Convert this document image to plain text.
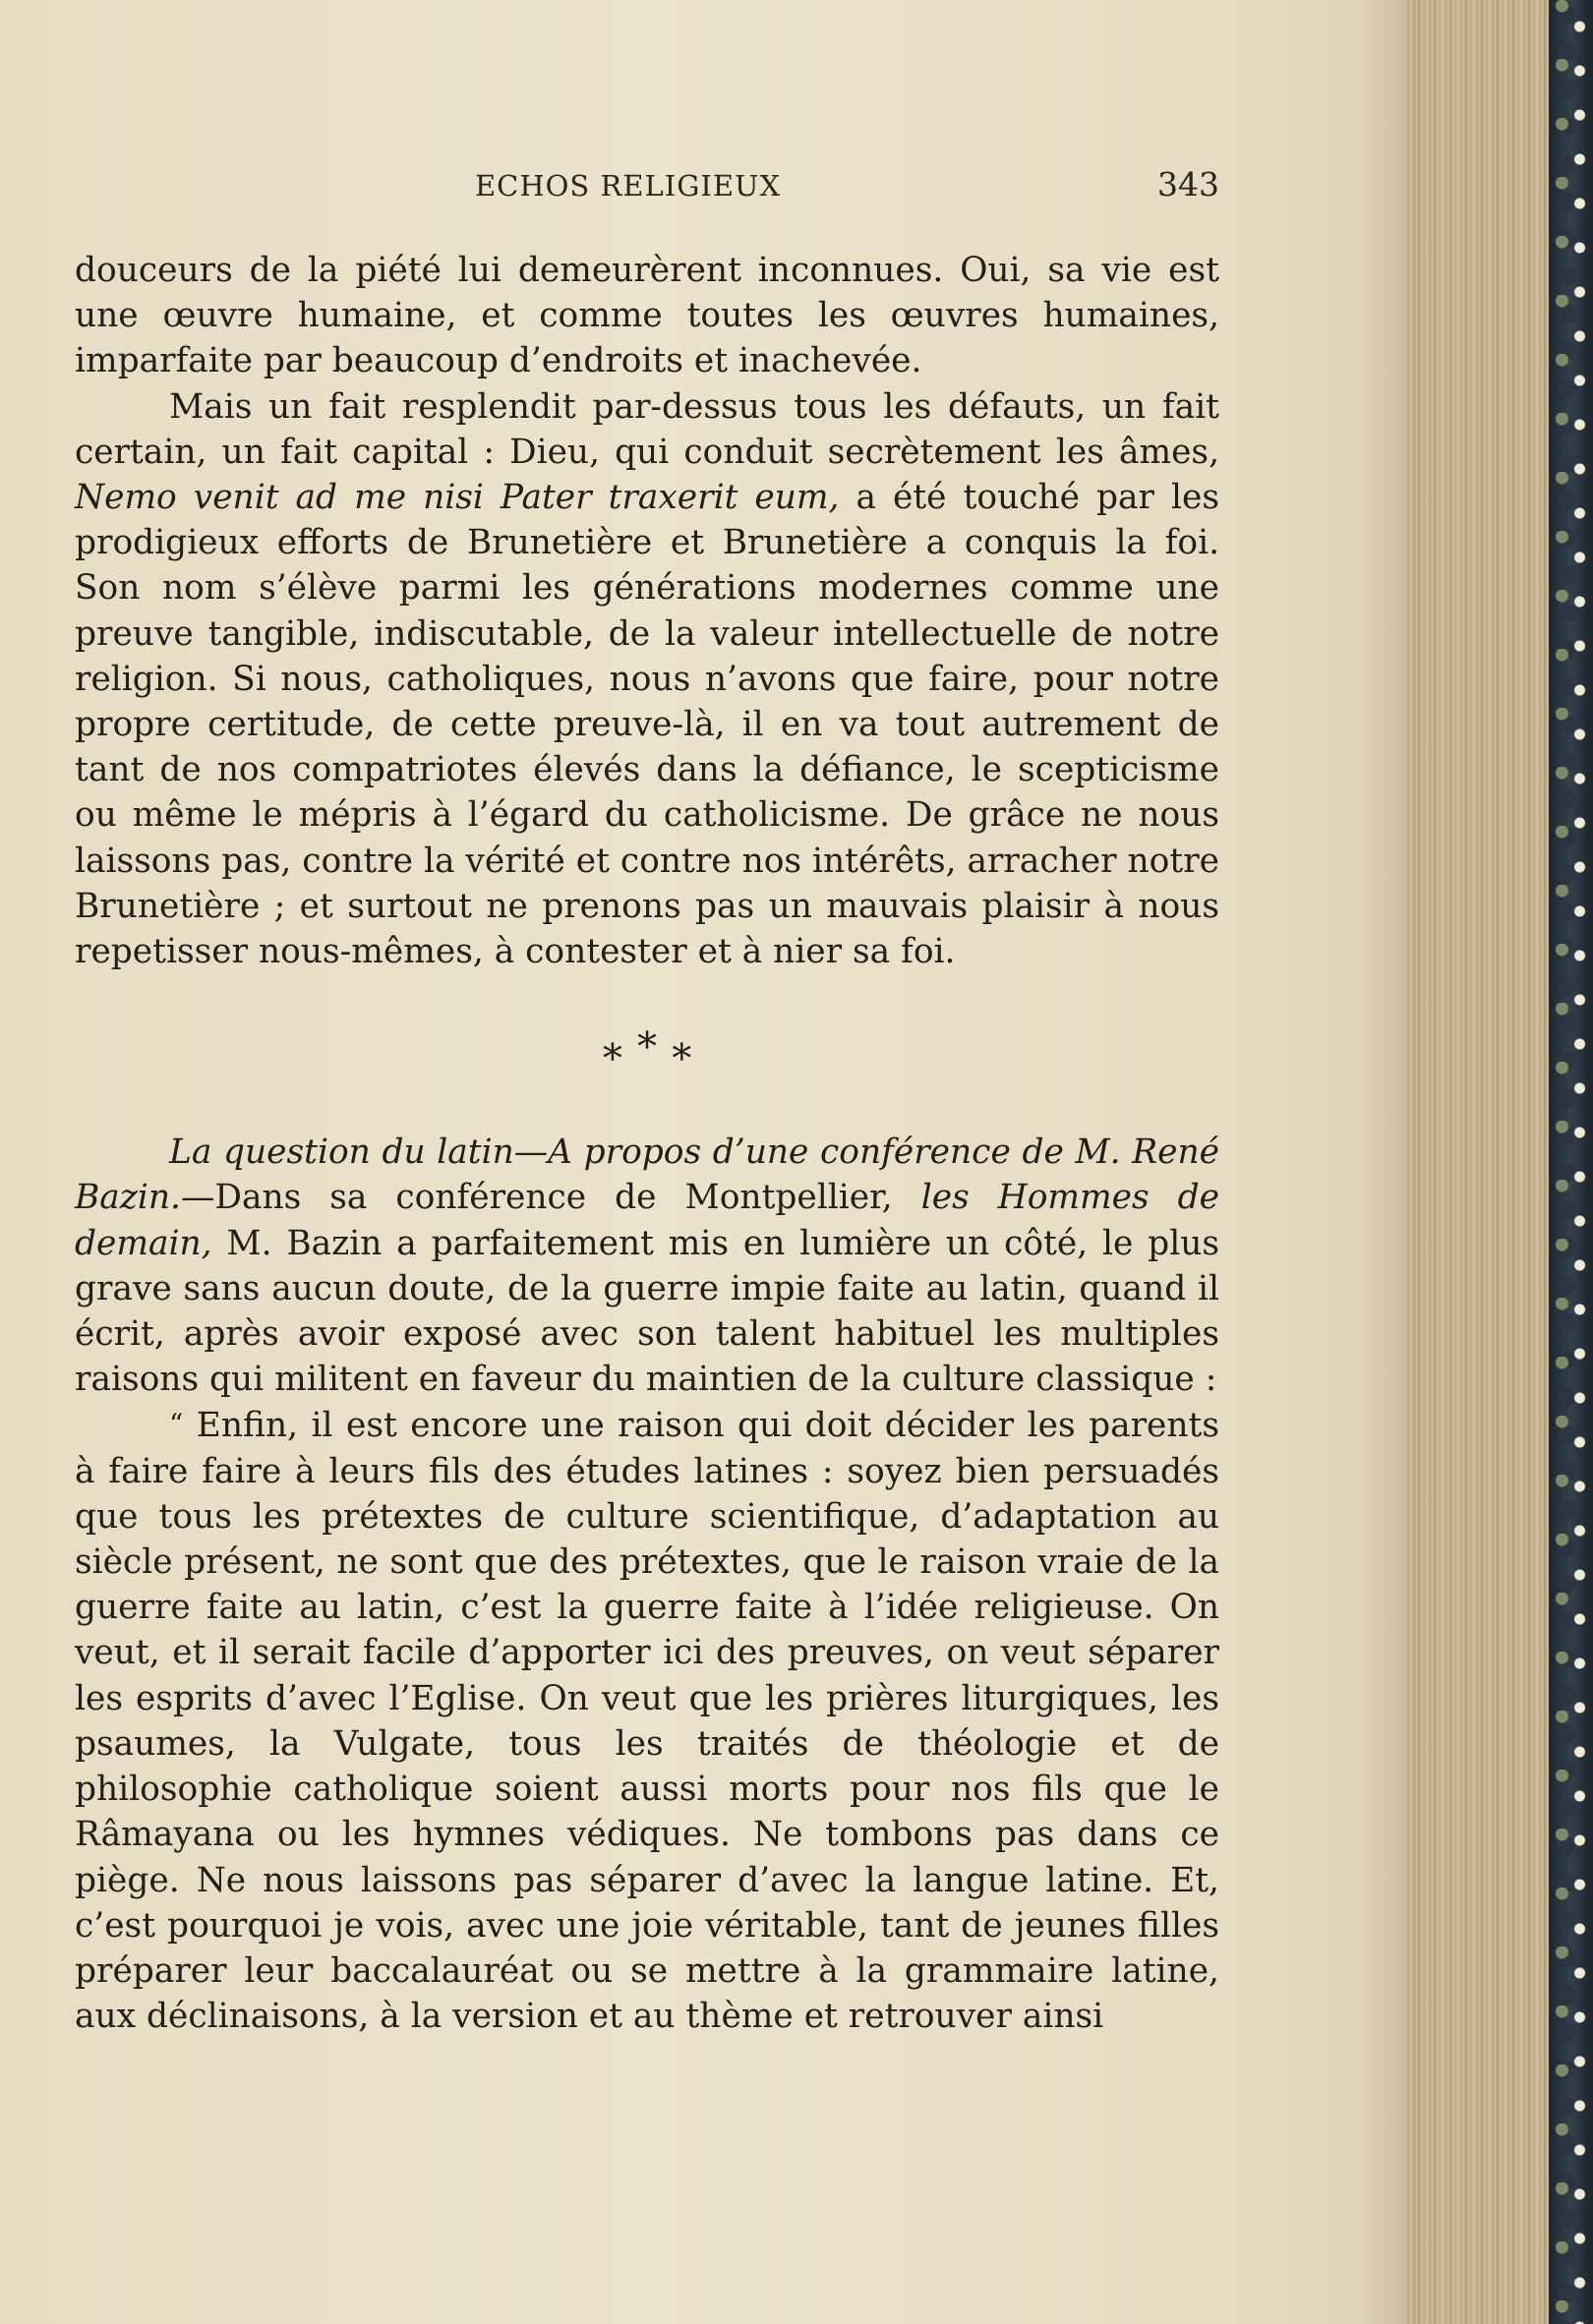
ECHOS RELIGIEUX	343

douceurs de la piété lui demeurèrent inconnues. Oui, sa vie est une œuvre humaine, et comme toutes les œuvres humaines, imparfaite par beaucoup d’endroits et inachevée.

Mais un fait resplendit par-dessus tous les défauts, un fait certain, un fait capital : Dieu, qui conduit secrètement les âmes, Nemo venit ad me nisi Pater traxerit eum, a été touché par les prodigieux efforts de Brunetière et Brunetière a conquis la foi. Son nom s’élève parmi les générations modernes comme une preuve tangible, indiscutable, de la valeur intellectuelle de notre religion. Si nous, catholiques, nous n’avons que faire, pour notre propre certitude, de cette preuve-là, il en va tout autrement de tant de nos compatriotes élevés dans la défiance, le scepticisme ou même le mépris à l’égard du catholicisme. De grâce ne nous laissons pas, contre la vérité et contre nos intérêts, arracher notre Brunetière ; et surtout ne prenons pas un mauvais plaisir à nous repetisser nous-mêmes, à contester et à nier sa foi.

∗ ∗ ∗

La question du latin—A propos d’une conférence de M. René Bazin.—Dans sa conférence de Montpellier, les Hommes de demain, M. Bazin a parfaitement mis en lumière un côté, le plus grave sans aucun doute, de la guerre impie faite au latin, quand il écrit, après avoir exposé avec son talent habituel les multiples raisons qui militent en faveur du maintien de la culture classique :

“ Enfin, il est encore une raison qui doit décider les parents à faire faire à leurs fils des études latines : soyez bien persuadés que tous les prétextes de culture scientifique, d’adaptation au siècle présent, ne sont que des prétextes, que le raison vraie de la guerre faite au latin, c’est la guerre faite à l’idée religieuse. On veut, et il serait facile d’apporter ici des preuves, on veut séparer les esprits d’avec l’Eglise. On veut que les prières liturgiques, les psaumes, la Vulgate, tous les traités de théologie et de philosophie catholique soient aussi morts pour nos fils que le Râmayana ou les hymnes védiques. Ne tombons pas dans ce piège. Ne nous laissons pas séparer d’avec la langue latine. Et, c’est pourquoi je vois, avec une joie véritable, tant de jeunes filles préparer leur baccalauréat ou se mettre à la grammaire latine, aux déclinaisons, à la version et au thème et retrouver ainsi
